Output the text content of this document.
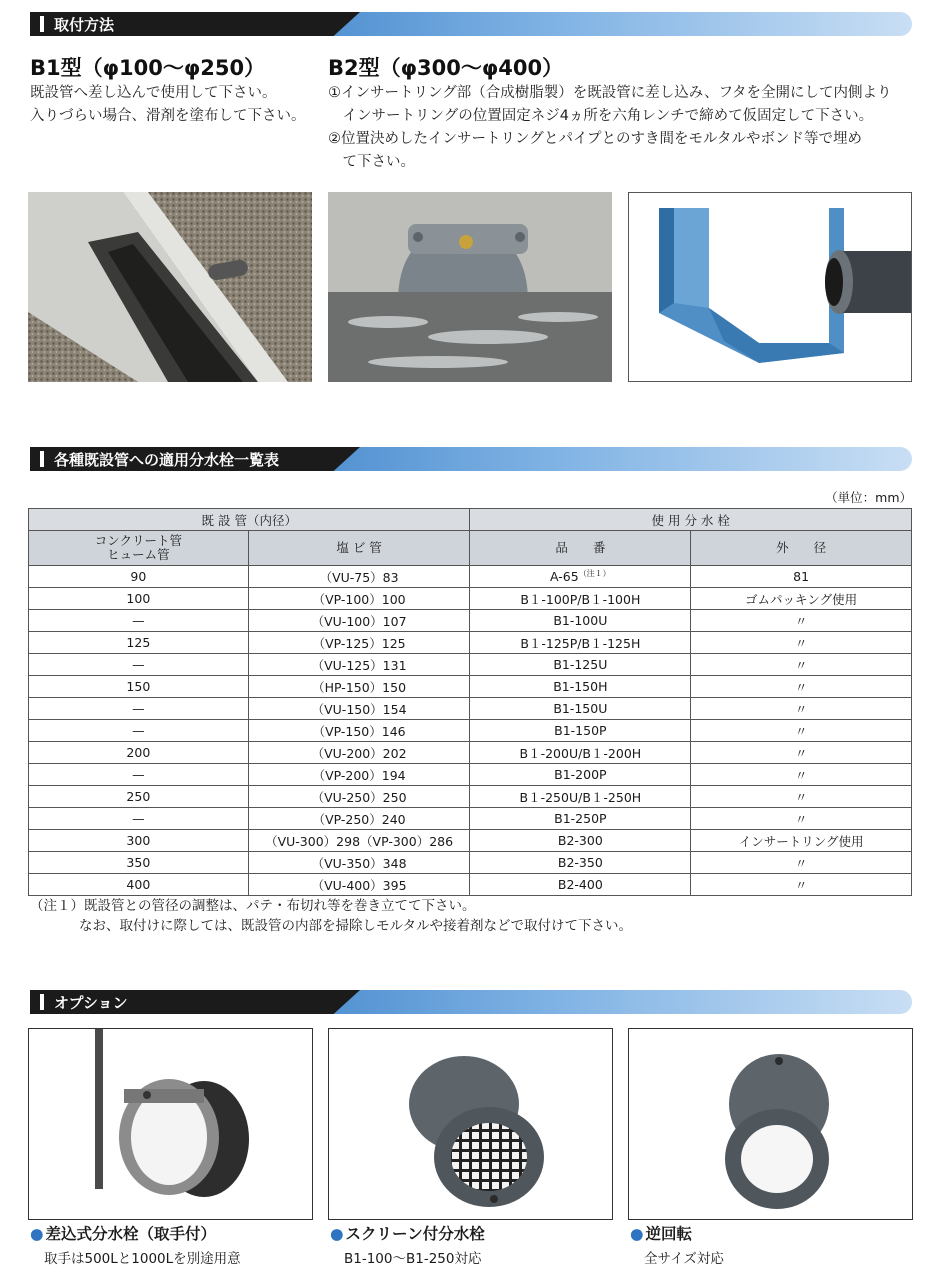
取付方法
B1型（φ100〜φ250）
既設管へ差し込んで使用して下さい。
入りづらい場合、滑剤を塗布して下さい。
B2型（φ300〜φ400）
①インサートリング部（合成樹脂製）を既設管に差し込み、フタを全開にして内側より
　インサートリングの位置固定ネジ4ヵ所を六角レンチで締めて仮固定して下さい。
②位置決めしたインサートリングとパイプとのすき間をモルタルやボンド等で埋め
　て下さい。
各種既設管への適用分水栓一覧表
（単位：mm）
既 設 管（内径）		使 用 分 水 栓	

コンクリート管
ヒューム管	塩 ビ 管	品　　番	外　　径
90	（VU-75）83	$A-65^{(注1)}$	81
100	（VP-100）100	B１-100P/B１-100H	ゴムパッキング使用
—	（VU-100）107	B1-100U	〃
125	（VP-125）125	B１-125P/B１-125H	〃
—	（VU-125）131	B1-125U	〃
150	（HP-150）150	B1-150H	〃
—	（VU-150）154	B1-150U	〃
—	（VP-150）146	B1-150P	〃
200	（VU-200）202	B１-200U/B１-200H	〃
—	（VP-200）194	B1-200P	〃
250	（VU-250）250	B１-250U/B１-250H	〃
—	（VP-250）240	B1-250P	〃
300	（VU-300）298（VP-300）286	B2-300	インサートリング使用
350	（VU-350）348	B2-350	〃
400	（VU-400）395	B2-400	〃
（注１）既設管との管径の調整は、パテ・布切れ等を巻き立てて下さい。
なお、取付けに際しては、既設管の内部を掃除しモルタルや接着剤などで取付けて下さい。
オプション
● 差込式分水栓（取手付）
取手は500Lと1000Lを別途用意
● スクリーン付分水栓
B1-100〜B1-250対応
● 逆回転
全サイズ対応
